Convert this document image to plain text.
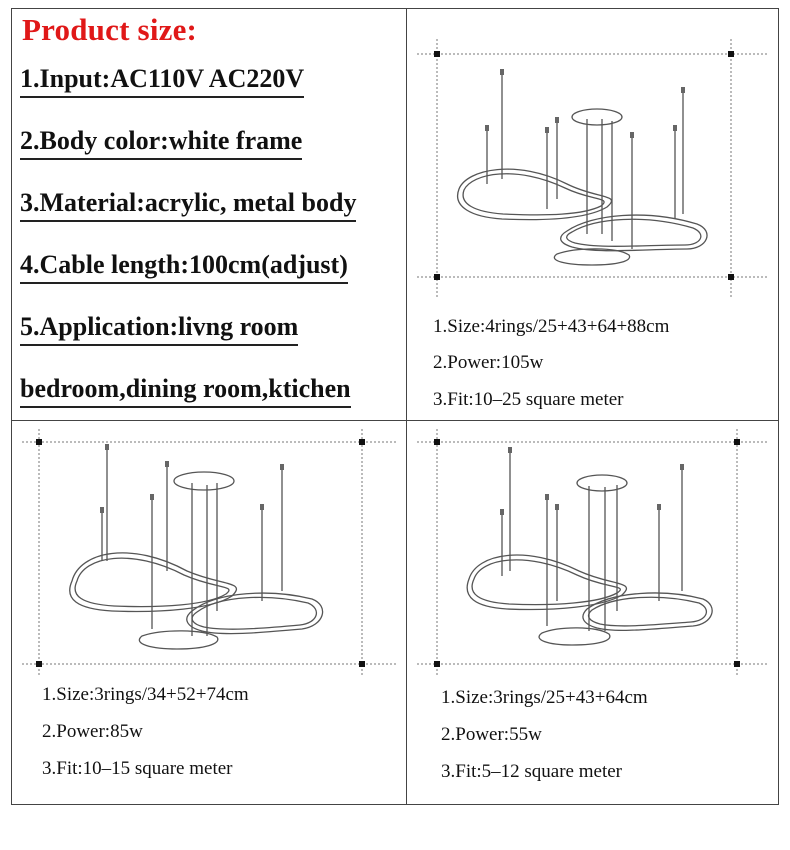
Product size:
1.Input:AC110V AC220V
2.Body color:white frame
3.Material:acrylic, metal body
4.Cable length:100cm(adjust)
5.Application:livng room
bedroom,dining room,ktichen
1.Size:4rings/25+43+64+88cm
2.Power:105w
3.Fit:10–25 square meter
1.Size:3rings/34+52+74cm
2.Power:85w
3.Fit:10–15 square meter
1.Size:3rings/25+43+64cm
2.Power:55w
3.Fit:5–12 square meter
